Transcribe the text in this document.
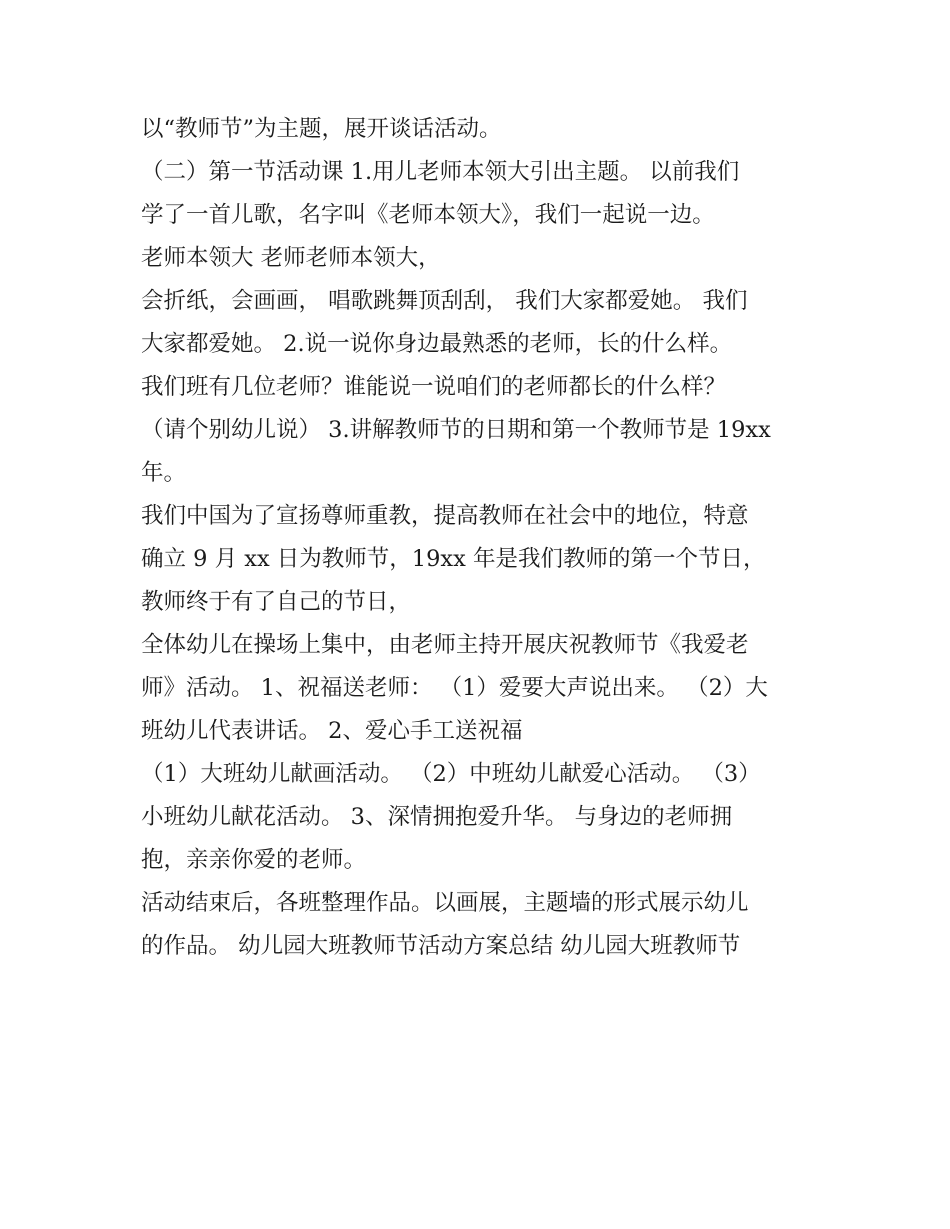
以“教师节”为主题，展开谈话活动。
（二）第一节活动课 1.用儿老师本领大引出主题。 以前我们
学了一首儿歌，名字叫《老师本领大》，我们一起说一边。
老师本领大 老师老师本领大，
会折纸，会画画， 唱歌跳舞顶刮刮， 我们大家都爱她。 我们
大家都爱她。 2.说一说你身边最熟悉的老师，长的什么样。
我们班有几位老师？谁能说一说咱们的老师都长的什么样？
（请个别幼儿说） 3.讲解教师节的日期和第一个教师节是 19xx
年。
我们中国为了宣扬尊师重教，提高教师在社会中的地位，特意
确立 9 月 xx 日为教师节，19xx 年是我们教师的第一个节日，
教师终于有了自己的节日，
全体幼儿在操场上集中，由老师主持开展庆祝教师节《我爱老
师》活动。 1、祝福送老师： （1）爱要大声说出来。 （2）大
班幼儿代表讲话。 2、爱心手工送祝福
（1）大班幼儿献画活动。 （2）中班幼儿献爱心活动。 （3）
小班幼儿献花活动。 3、深情拥抱爱升华。 与身边的老师拥
抱，亲亲你爱的老师。
活动结束后，各班整理作品。以画展，主题墙的形式展示幼儿
的作品。 幼儿园大班教师节活动方案总结 幼儿园大班教师节
